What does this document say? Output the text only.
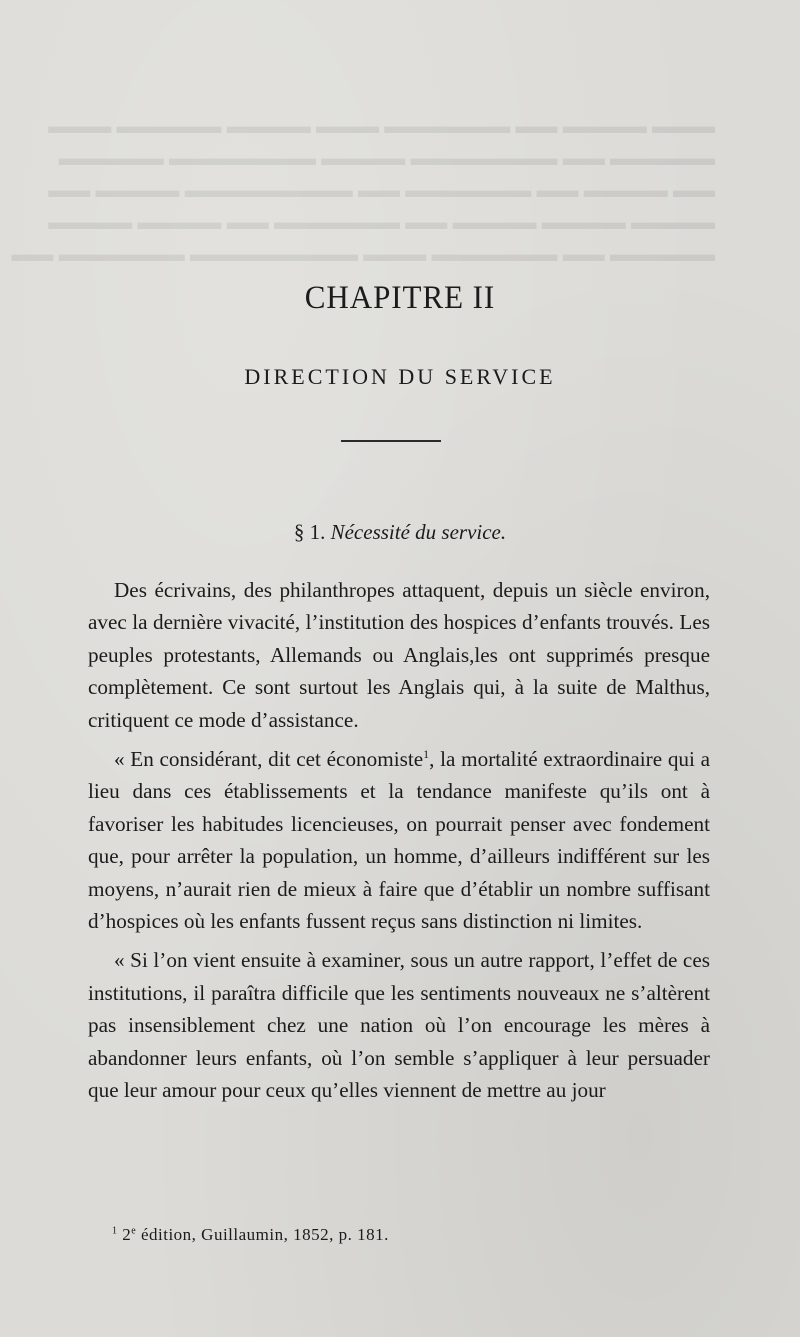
▬▬▬ ▬▬▬▬ ▬▬ ▬▬▬▬▬▬ ▬▬▬ ▬▬▬▬ ▬▬▬▬▬ ▬▬▬
▬▬▬▬▬ ▬▬ ▬▬▬▬▬▬▬ ▬▬▬▬ ▬▬▬▬▬▬▬ ▬▬▬▬▬
▬▬ ▬▬▬▬ ▬▬ ▬▬▬▬▬▬ ▬▬ ▬▬▬▬▬▬▬▬ ▬▬▬▬ ▬▬
▬▬▬▬ ▬▬▬▬ ▬▬▬▬ ▬▬ ▬▬▬▬▬▬ ▬▬ ▬▬▬▬ ▬▬▬▬
▬▬▬▬▬ ▬▬ ▬▬▬▬▬▬ ▬▬▬ ▬▬▬▬▬▬▬▬ ▬▬▬▬▬▬ ▬▬
CHAPITRE II
DIRECTION DU SERVICE
§ 1. Nécessité du service.

Des écrivains, des philanthropes attaquent, depuis un siècle environ, avec la dernière vivacité, l’institution des hospices d’enfants trouvés. Les peuples protestants, Allemands ou Anglais,les ont supprimés presque complètement. Ce sont surtout les Anglais qui, à la suite de Malthus, critiquent ce mode d’assistance.

« En considérant, dit cet économiste$^1$, la mortalité extraordinaire qui a lieu dans ces établissements et la tendance manifeste qu’ils ont à favoriser les habitudes licencieuses, on pourrait penser avec fondement que, pour arrêter la population, un homme, d’ailleurs indifférent sur les moyens, n’aurait rien de mieux à faire que d’établir un nombre suffisant d’hospices où les enfants fussent reçus sans distinction ni limites.

« Si l’on vient ensuite à examiner, sous un autre rapport, l’effet de ces institutions, il paraîtra difficile que les sentiments nouveaux ne s’altèrent pas insensiblement chez une nation où l’on encourage les mères à abandonner leurs enfants, où l’on semble s’appliquer à leur persuader que leur amour pour ceux qu’elles viennent de mettre au jour

$^1$ 2e édition, Guillaumin, 1852, p. 181.
